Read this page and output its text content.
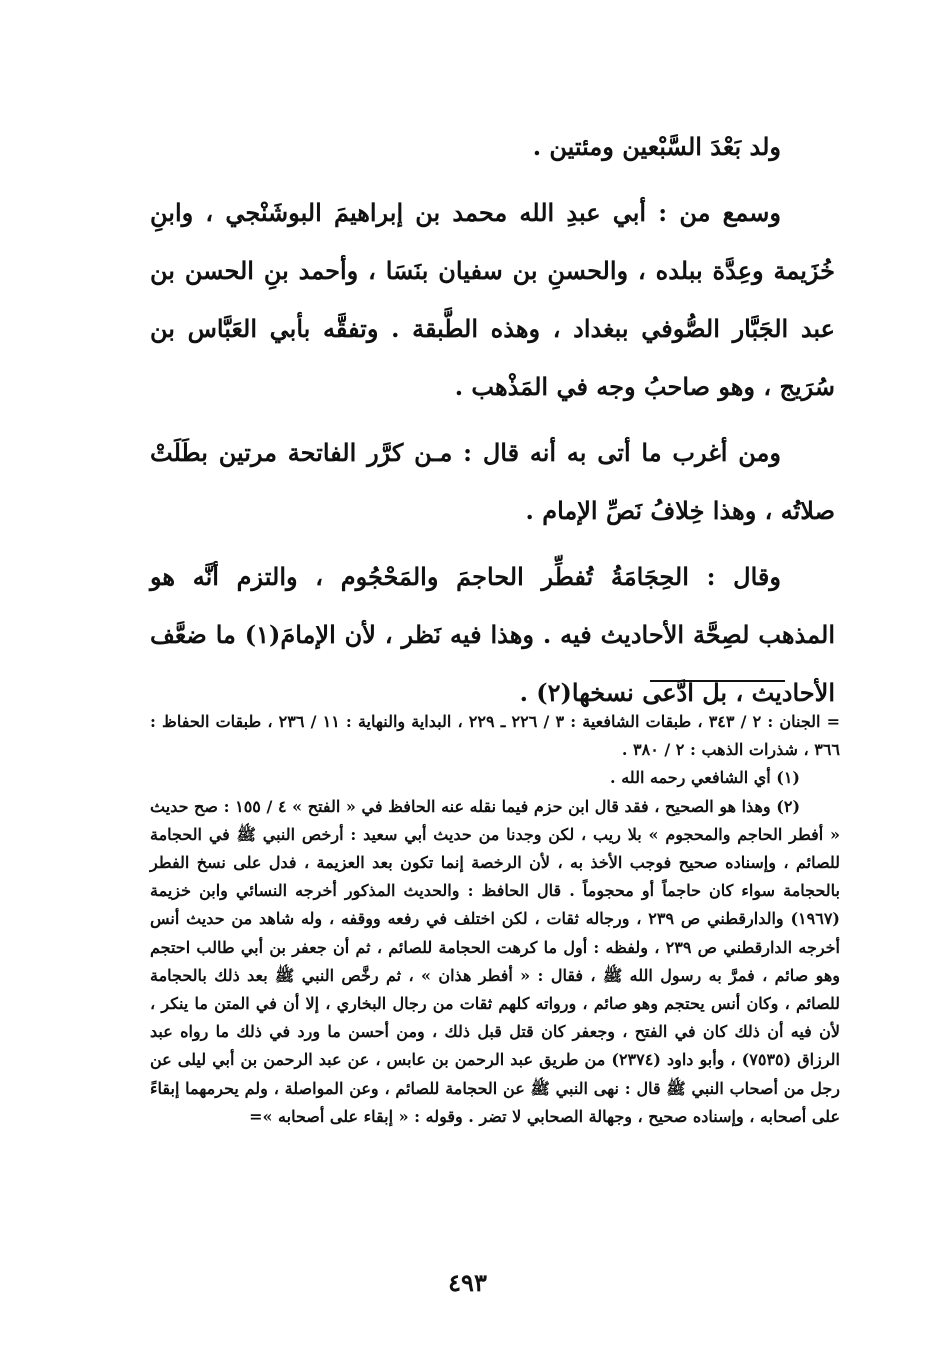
ولد بَعْدَ السَّبْعين ومئتين .

وسمع من : أبي عبدِ الله محمد بن إبراهيمَ البوشَنْجي ، وابنِ خُزَيمة وعِدَّة ببلده ، والحسنِ بن سفيان بنَسَا ، وأحمد بنِ الحسن بن عبد الجَبَّار الصُّوفي ببغداد ، وهذه الطَّبقة . وتفقَّه بأبي العَبَّاس بن سُرَيج ، وهو صاحبُ وجه في المَذْهب .

ومن أغرب ما أتى به أنه قال : مـن كرَّر الفاتحة مرتين بطَلَتْ صلاتُه ، وهذا خِلافُ نَصِّ الإمام .

وقال : الحِجَامَةُ تُفطِّر الحاجمَ والمَحْجُوم ، والتزم أنَّه هو المذهب لصِحَّة الأحاديث فيه . وهذا فيه نَظر ، لأن الإمامَ(١) ما ضعَّف الأحاديث ، بل ادَّعى نسخها(٢) .

= الجنان : ٢ / ٣٤٣ ، طبقات الشافعية : ٣ / ٢٢٦ ـ ٢٢٩ ، البداية والنهاية : ١١ / ٢٣٦ ، طبقات الحفاظ : ٣٦٦ ، شذرات الذهب : ٢ / ٣٨٠ .

(١) أي الشافعي رحمه الله .

(٢) وهذا هو الصحيح ، فقد قال ابن حزم فيما نقله عنه الحافظ في « الفتح » ٤ / ١٥٥ : صح حديث « أفطر الحاجم والمحجوم » بلا ريب ، لكن وجدنا من حديث أبي سعيد : أرخص النبي ﷺ في الحجامة للصائم ، وإسناده صحيح فوجب الأخذ به ، لأن الرخصة إنما تكون بعد العزيمة ، فدل على نسخ الفطر بالحجامة سواء كان حاجماً أو محجوماً . قال الحافظ : والحديث المذكور أخرجه النسائي وابن خزيمة (١٩٦٧) والدارقطني ص ٢٣٩ ، ورجاله ثقات ، لكن اختلف في رفعه ووقفه ، وله شاهد من حديث أنس أخرجه الدارقطني ص ٢٣٩ ، ولفظه : أول ما كرهت الحجامة للصائم ، ثم أن جعفر بن أبي طالب احتجم وهو صائم ، فمرَّ به رسول الله ﷺ ، فقال : « أفطر هذان » ، ثم رخَّص النبي ﷺ بعد ذلك بالحجامة للصائم ، وكان أنس يحتجم وهو صائم ، ورواته كلهم ثقات من رجال البخاري ، إلا أن في المتن ما ينكر ، لأن فيه أن ذلك كان في الفتح ، وجعفر كان قتل قبل ذلك ، ومن أحسن ما ورد في ذلك ما رواه عبد الرزاق (٧٥٣٥) ، وأبو داود (٢٣٧٤) من طريق عبد الرحمن بن عابس ، عن عبد الرحمن بن أبي ليلى عن رجل من أصحاب النبي ﷺ قال : نهى النبي ﷺ عن الحجامة للصائم ، وعن المواصلة ، ولم يحرمهما إبقاءً على أصحابه ، وإسناده صحيح ، وجهالة الصحابي لا تضر . وقوله : « إبقاء على أصحابه »=

٤٩٣
